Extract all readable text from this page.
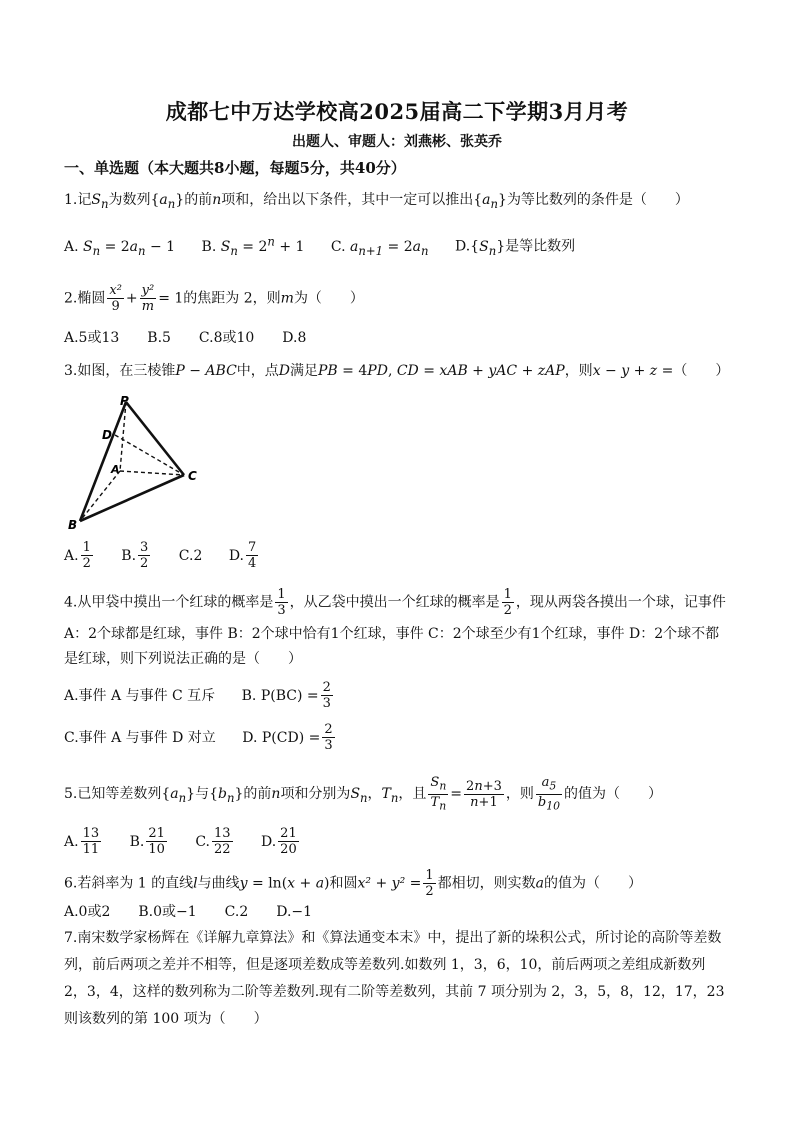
成都七中万达学校高2025届高二下学期3月月考
出题人、审题人：刘燕彬、张英乔
一、单选题（本大题共8小题，每题5分，共40分）
1.记$S_n$为数列$\{a_n\}$的前n项和，给出以下条件，其中一定可以推出$\{a_n\}$为等比数列的条件是（　　）
A. $S_n = 2a_n - 1$ B. $S_n = 2^n + 1$ C. $a_{n+1} = 2a_n$ $D.\{S_n\}$是等比数列
2.椭圆 $\frac{\text{x²}}{9} + \frac{\text{y²}}{m} = 1$的焦距为 2，则m为（　　）
A.5或13　　B.5　　C.8或10　　D.8
3.如图，在三棱锥P − ABC中，点D满足PB = 4PD, CD = xAB + yAC + zAP，则x − y + z =（　　）
P
D
A
B
C
A. $\frac{1}{2} B$. $\frac{3}{2} C.2$ D. $\frac{7}{4}$
4.从甲袋中摸出一个红球的概率是 $\frac{1}{3}$ ，从乙袋中摸出一个红球的概率是 $\frac{1}{2}$ ，现从两袋各摸出一个球，记事件
A：2个球都是红球，事件 B：2个球中恰有1个红球，事件 C：2个球至少有1个红球，事件 D：2个球不都
是红球，则下列说法正确的是（　　）
A.事件 A 与事件 C 互斥 B. $P(BC) = \frac{2}{3}$
C.事件 A 与事件 D 对立 D. $P(CD) = \frac{2}{3}$
5.已知等差数列$\{a_n\}$与$\{b_n\}$的前n项和分别为$S_n$，$T_n$，且 $\frac{S_n}{T_n} = \frac{2n+3}{n+1}$ ，则 $\frac{a_5}{b_{10}}$ 的值为（　　）
A. $\frac{13}{11} B$. $\frac{21}{10} C$. $\frac{13}{22} D$. $\frac{21}{20}$
6.若斜率为 1 的直线l与曲线y = ln(x + a)和圆$x^2 + y^2 = \frac{1}{2}$ 都相切，则实数a的值为（　　）
A.0或2　　B.0或−1　　C.2　　D.−1
7.南宋数学家杨辉在《详解九章算法》和《算法通变本末》中，提出了新的垛积公式，所讨论的高阶等差数列，前后两项之差并不相等，但是逐项差数成等差数列.如数列 1，3，6，10，前后两项之差组成新数列 2，3，4，这样的数列称为二阶等差数列.现有二阶等差数列，其前 7 项分别为 2，3，5，8，12，17，23 则该数列的第 100 项为（　　）
